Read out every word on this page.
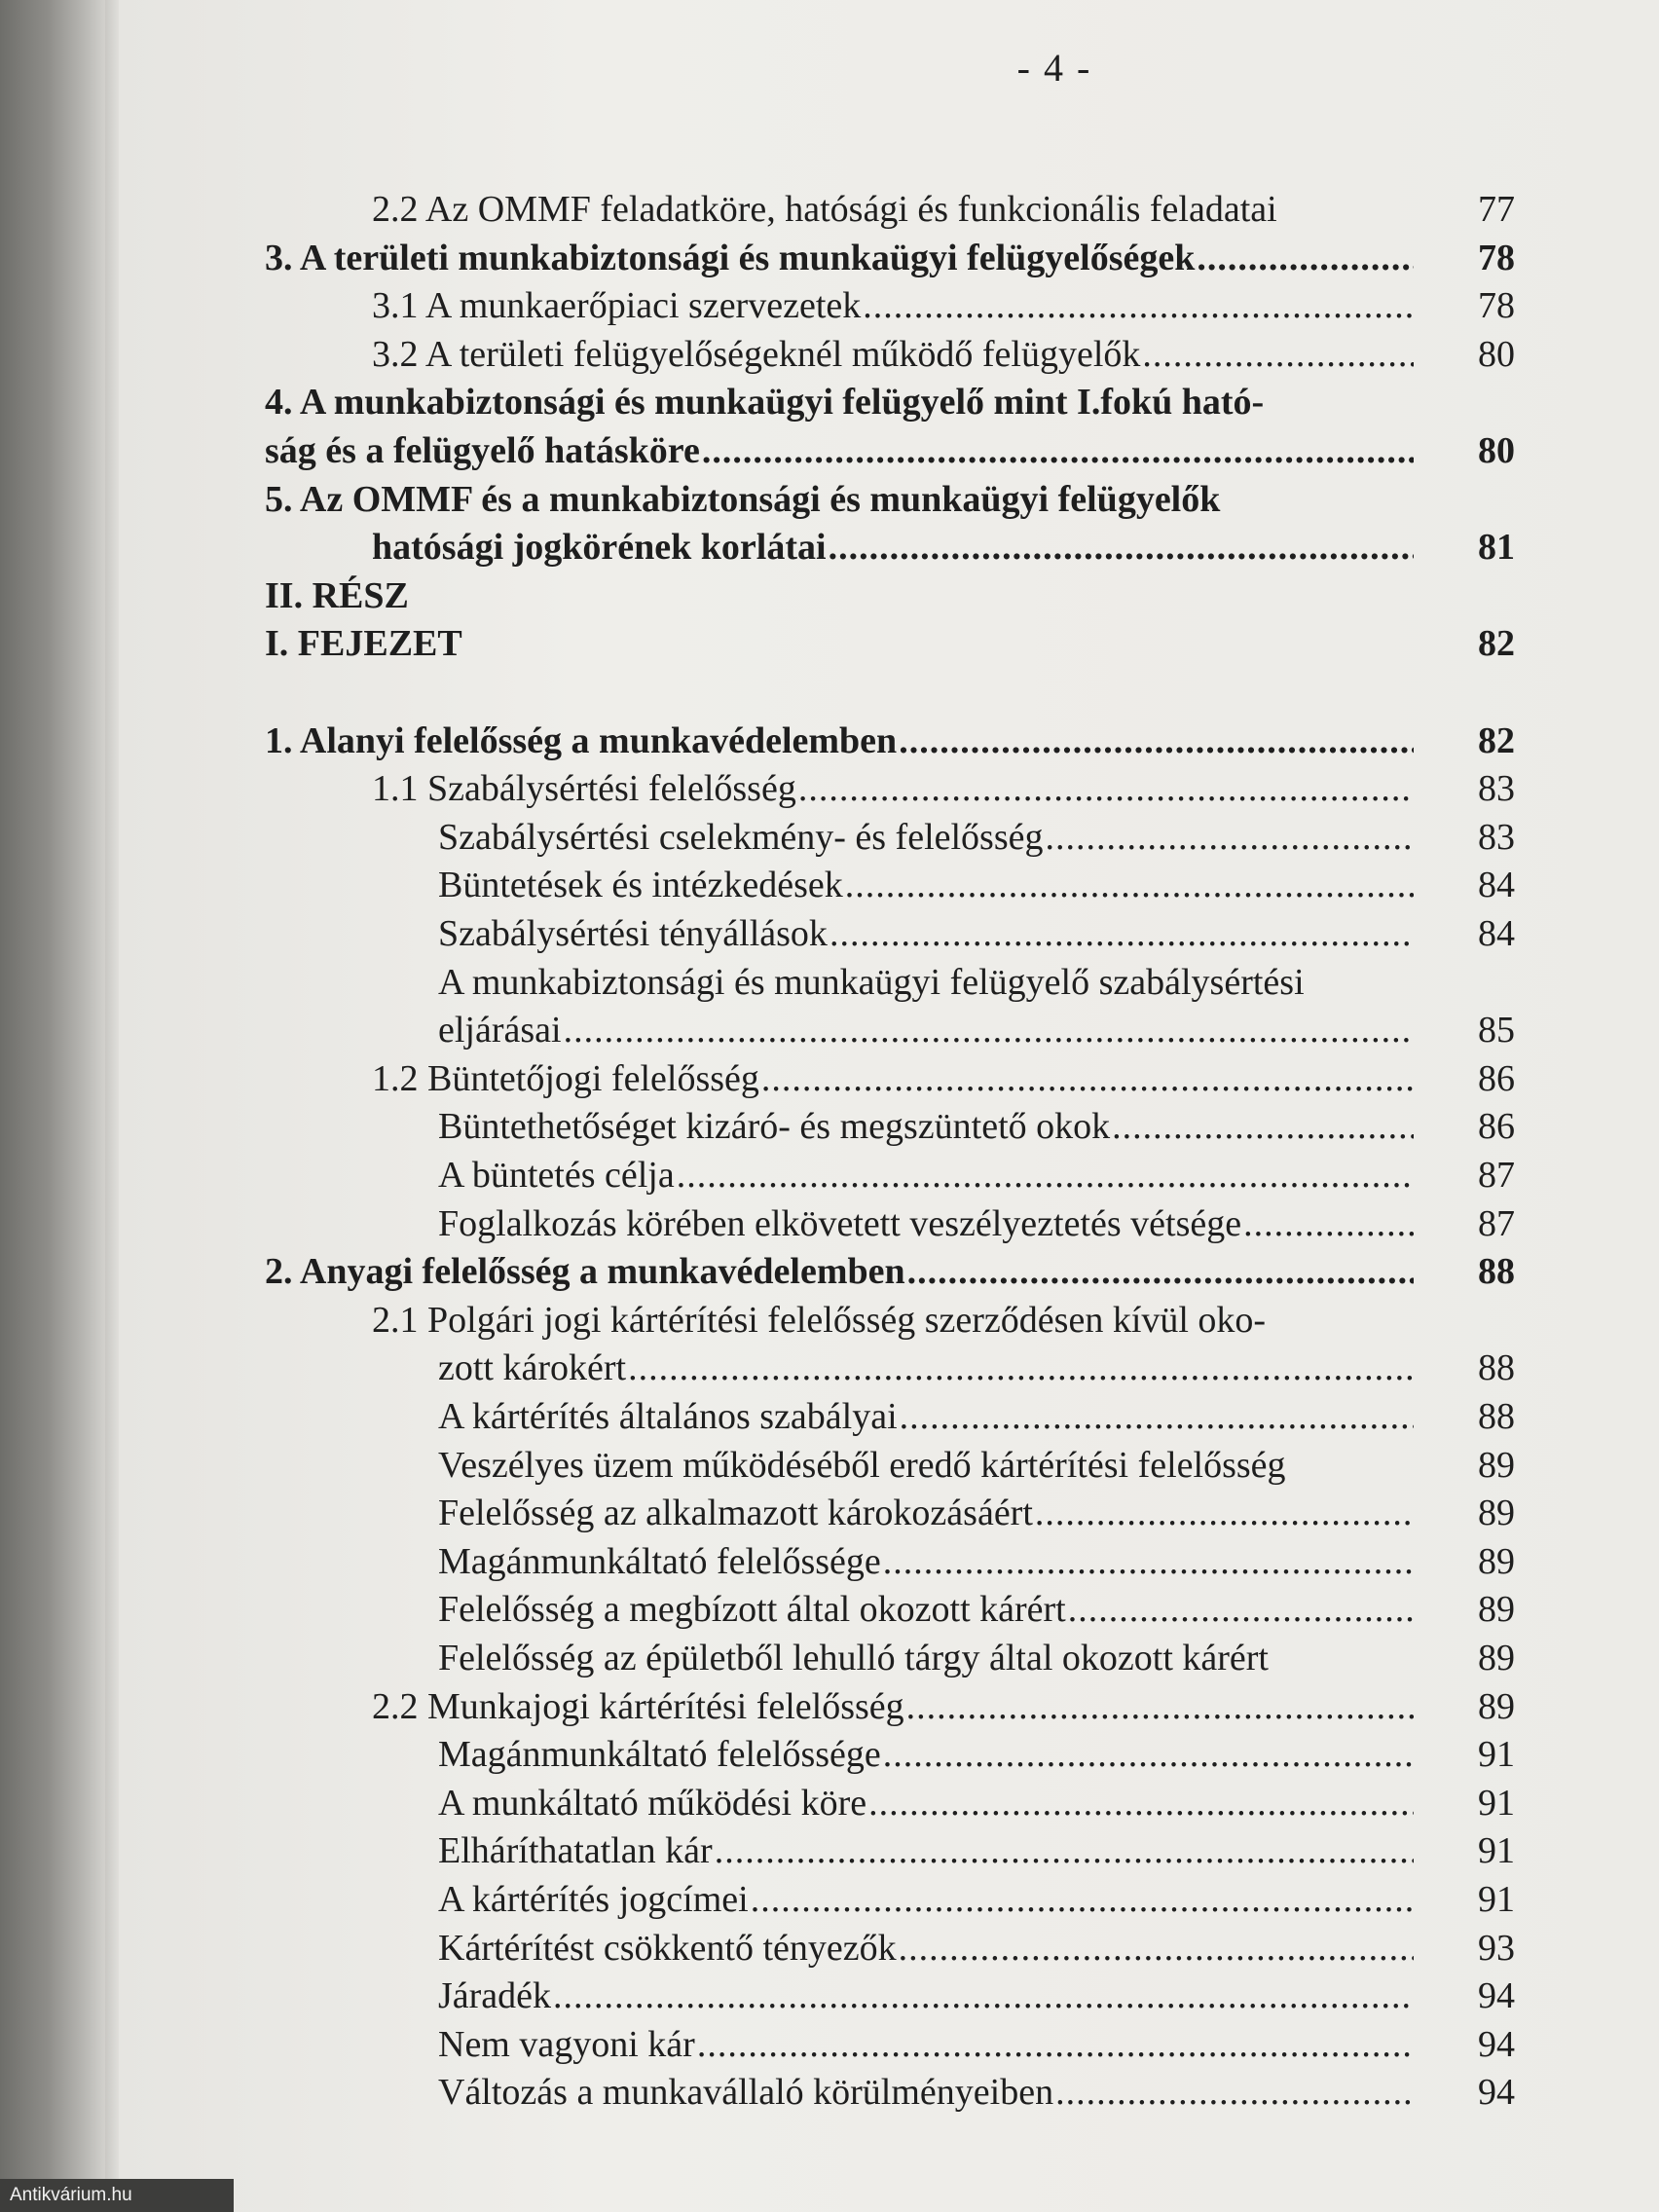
- 4 -
2.2 Az OMMF feladatköre, hatósági és funkcionális feladatai	77
3. A területi munkabiztonsági és munkaügyi felügyelőségek .....	78
3.1 A munkaerőpiaci szervezetek .....	78
3.2 A területi felügyelőségeknél működő felügyelők .....	80
4. A munkabiztonsági és munkaügyi felügyelő mint I.fokú ható-
ság és a felügyelő hatásköre .....	80
5. Az OMMF és a munkabiztonsági és munkaügyi felügyelők
hatósági jogkörének korlátai .....	81
II. RÉSZ
I. FEJEZET	82
1. Alanyi felelősség a munkavédelemben .....	82
1.1 Szabálysértési felelősség .....	83
Szabálysértési cselekmény- és felelősség .....	83
Büntetések és intézkedések .....	84
Szabálysértési tényállások .....	84
A munkabiztonsági és munkaügyi felügyelő szabálysértési
eljárásai .....	85
1.2 Büntetőjogi felelősség .....	86
Büntethetőséget kizáró- és megszüntető okok .....	86
A büntetés célja .....	87
Foglalkozás körében elkövetett veszélyeztetés vétsége .....	87
2. Anyagi felelősség a munkavédelemben .....	88
2.1 Polgári jogi kártérítési felelősség szerződésen kívül oko-
zott károkért .....	88
A kártérítés általános szabályai .....	88
Veszélyes üzem működéséből eredő kártérítési felelősség	89
Felelősség az alkalmazott károkozásáért .....	89
Magánmunkáltató felelőssége .....	89
Felelősség a megbízott által okozott kárért .....	89
Felelősség az épületből lehulló tárgy által okozott kárért	89
2.2 Munkajogi kártérítési felelősség .....	89
Magánmunkáltató felelőssége .....	91
A munkáltató működési köre .....	91
Elháríthatatlan kár .....	91
A kártérítés jogcímei .....	91
Kártérítést csökkentő tényezők .....	93
Járadék .....	94
Nem vagyoni kár .....	94
Változás a munkavállaló körülményeiben .....	94
Antikvárium.hu
